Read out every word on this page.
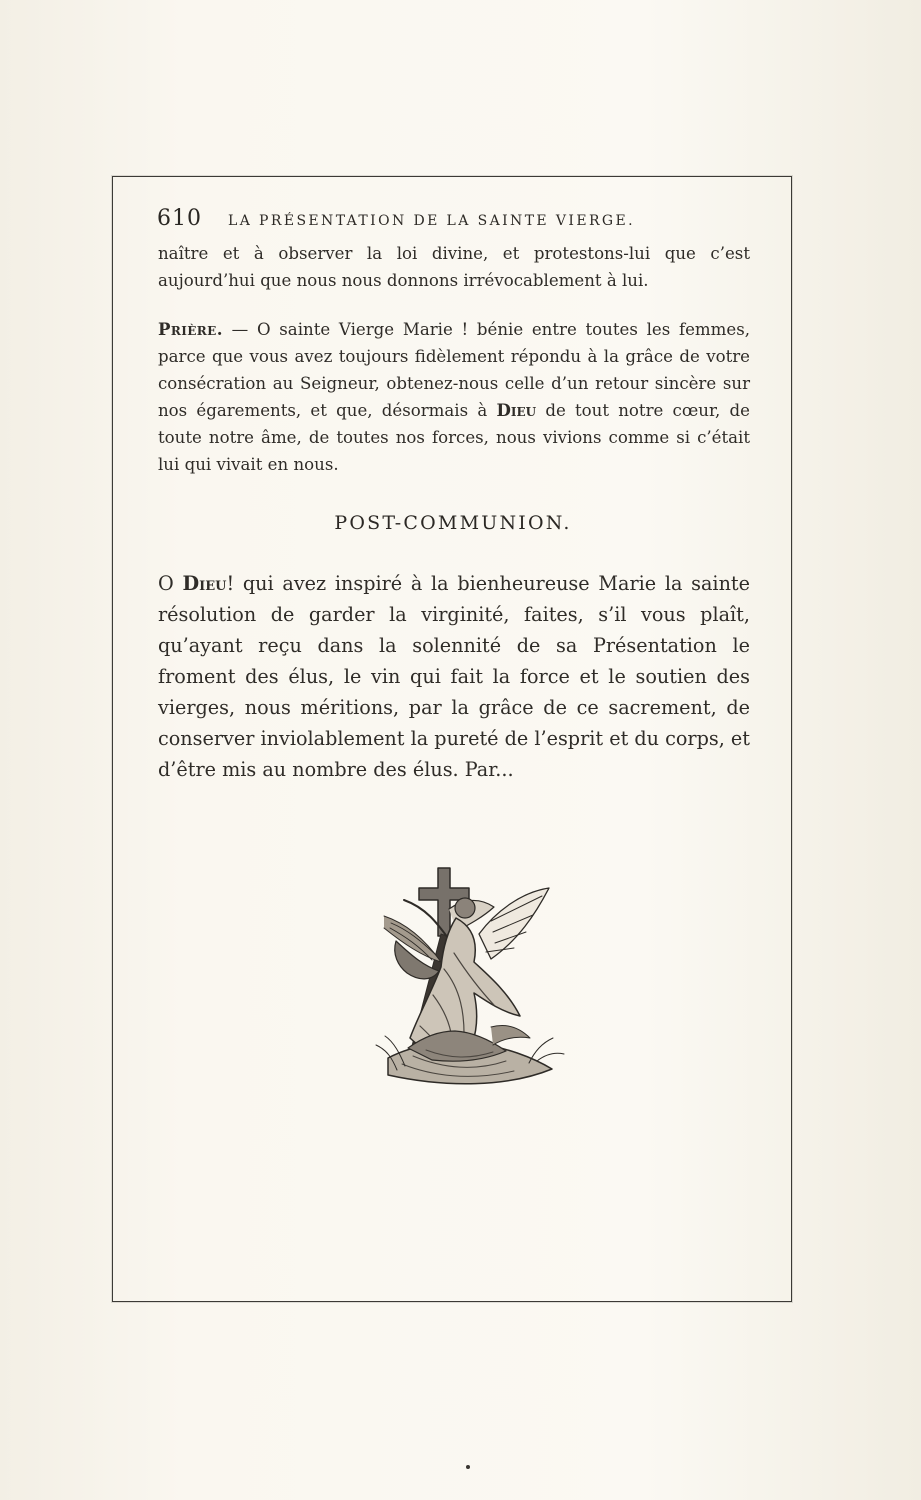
610 LA PRÉSENTATION DE LA SAINTE VIERGE.
naître et à observer la loi divine, et protestons-lui que c’est aujourd’hui que nous nous donnons irrévocablement à lui.
Prière. — O sainte Vierge Marie ! bénie entre toutes les femmes, parce que vous avez toujours fidèlement répondu à la grâce de votre consécration au Seigneur, obtenez-nous celle d’un retour sincère sur nos égarements, et que, désormais à Dieu de tout notre cœur, de toute notre âme, de toutes nos forces, nous vivions comme si c’était lui qui vivait en nous.
POST-COMMUNION.
O Dieu! qui avez inspiré à la bienheureuse Marie la sainte résolution de garder la virginité, faites, s’il vous plaît, qu’ayant reçu dans la solennité de sa Présentation le froment des élus, le vin qui fait la force et le soutien des vierges, nous méritions, par la grâce de ce sacrement, de conserver inviolablement la pureté de l’esprit et du corps, et d’être mis au nombre des élus. Par...
